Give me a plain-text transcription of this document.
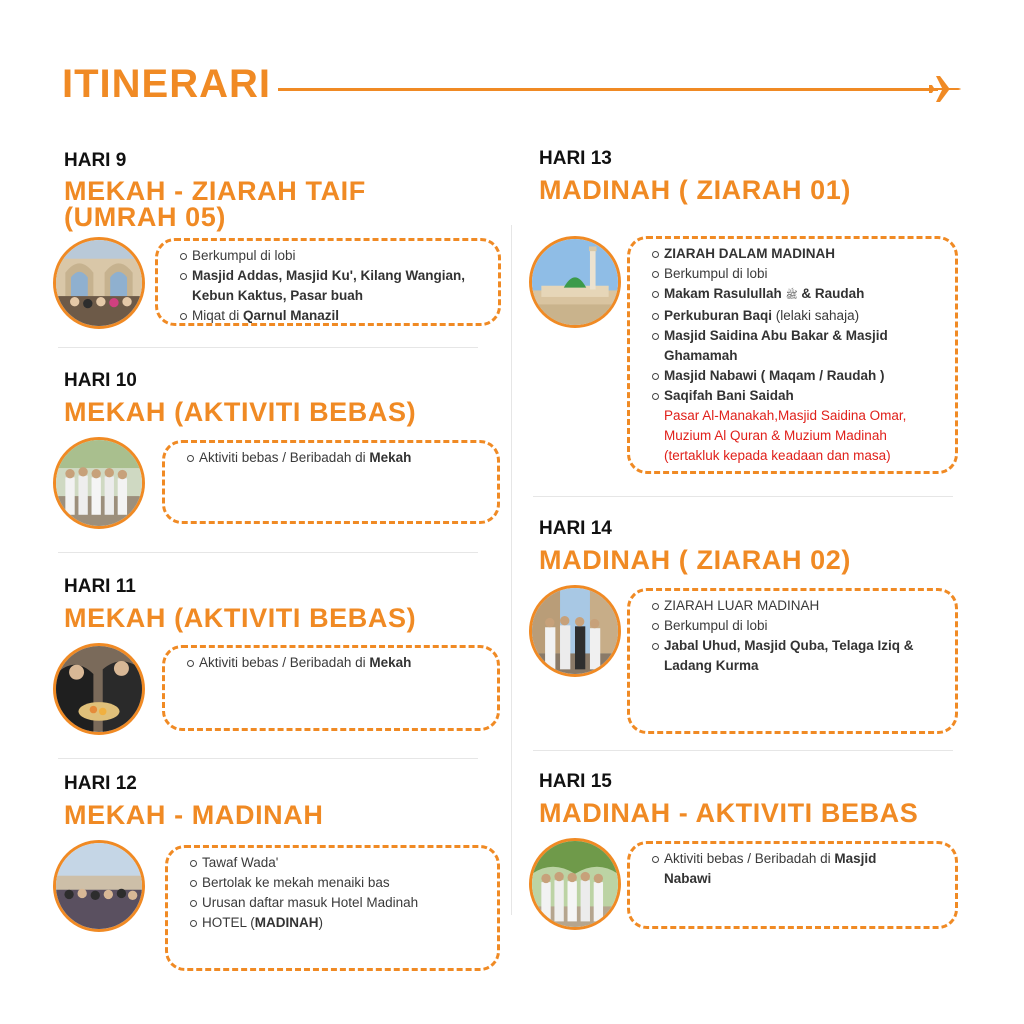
ITINERARI
HARI 9
MEKAH - ZIARAH TAIF
(UMRAH 05)
Berkumpul di lobi
Masjid Addas, Masjid Ku', Kilang Wangian,
Kebun Kaktus, Pasar buah
Miqat di Qarnul Manazil
HARI 10
MEKAH (AKTIVITI BEBAS)
Aktiviti bebas / Beribadah di Mekah
HARI 11
MEKAH (AKTIVITI BEBAS)
Aktiviti bebas / Beribadah di Mekah
HARI 12
MEKAH - MADINAH
Tawaf Wada'
Bertolak ke mekah menaiki bas
Urusan daftar masuk Hotel Madinah
HOTEL (MADINAH)
HARI 13
MADINAH ( ZIARAH 01)
ZIARAH DALAM MADINAH
Berkumpul di lobi
Makam Rasulullah ﷺ & Raudah
Perkuburan Baqi (lelaki sahaja)
Masjid Saidina Abu Bakar & Masjid
Ghamamah
Masjid Nabawi ( Maqam / Raudah )
Saqifah Bani Saidah
Pasar Al-Manakah,Masjid Saidina Omar,
Muzium Al Quran & Muzium Madinah
(tertakluk kepada keadaan dan masa)
HARI 14
MADINAH ( ZIARAH 02)
ZIARAH LUAR MADINAH
Berkumpul di lobi
Jabal Uhud, Masjid Quba, Telaga Iziq &
Ladang Kurma
HARI 15
MADINAH - AKTIVITI BEBAS
Aktiviti bebas / Beribadah di Masjid
Nabawi
